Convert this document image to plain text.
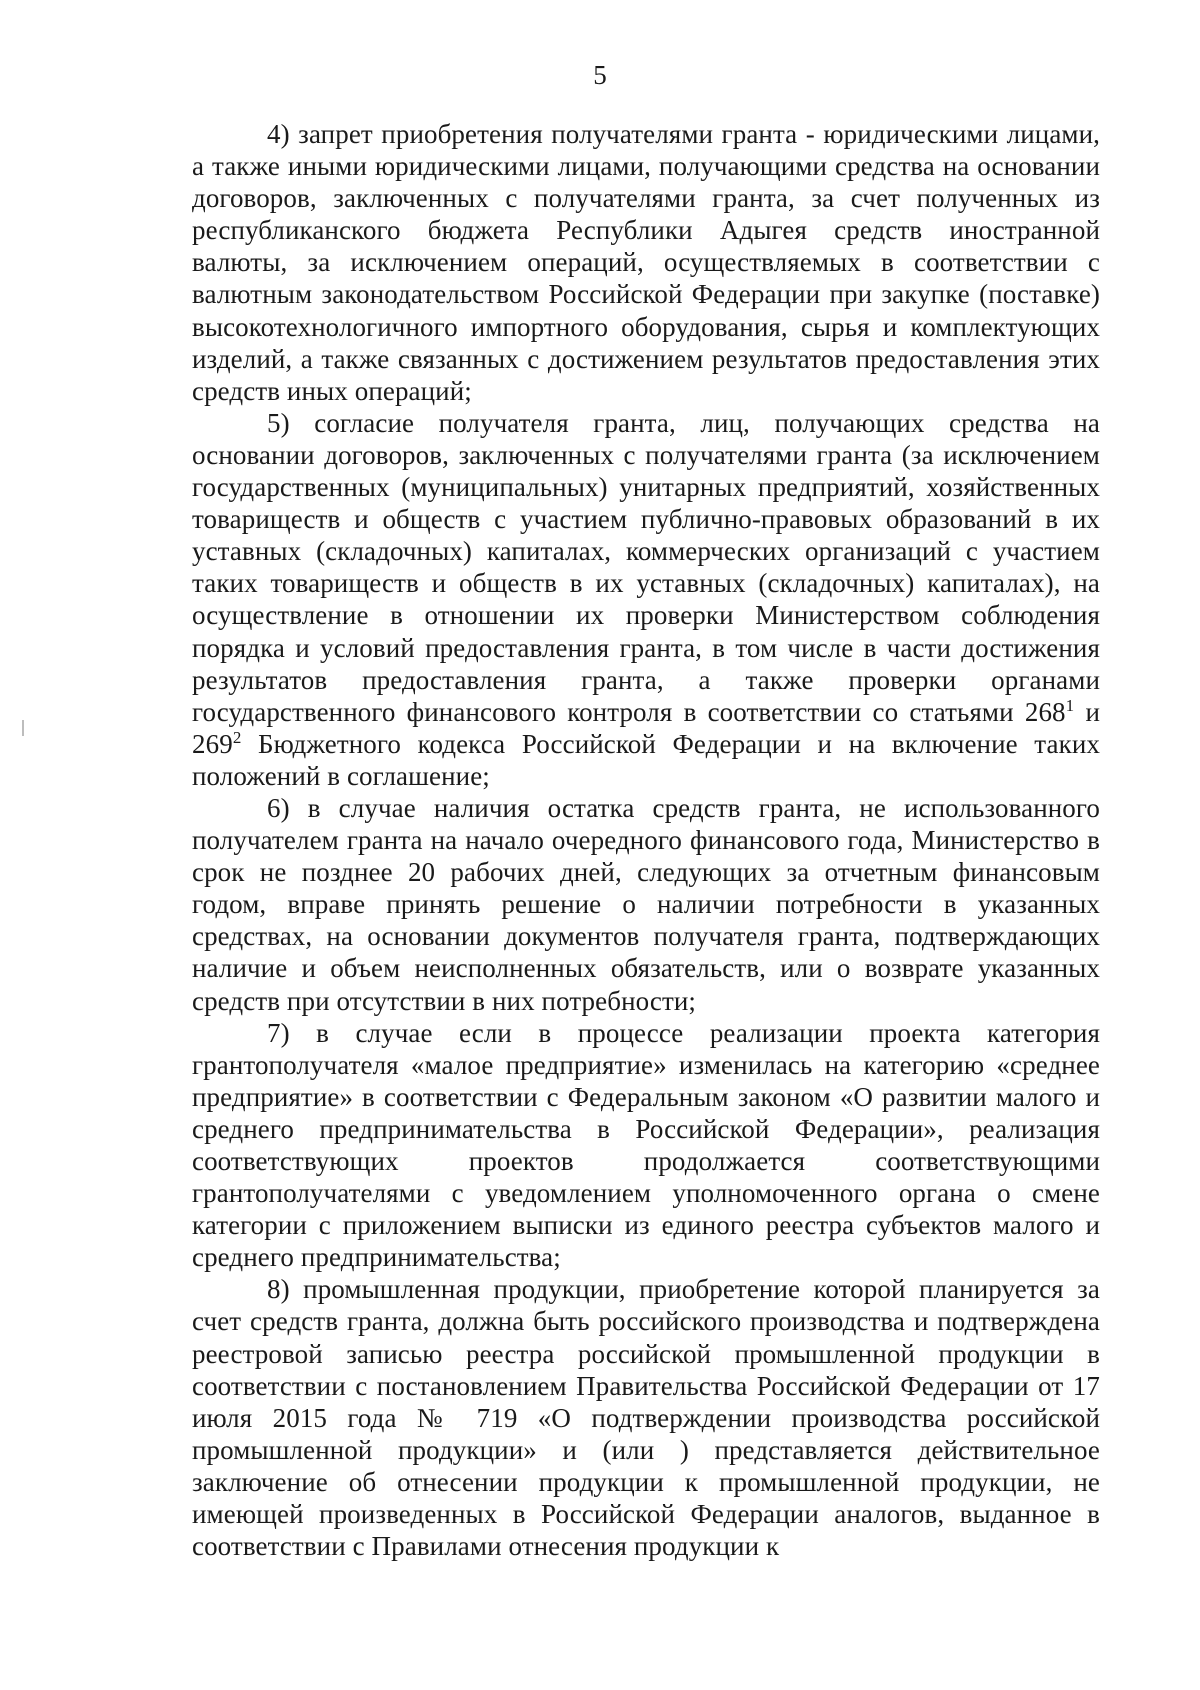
5

4) запрет приобретения получателями гранта - юридическими лицами, а также иными юридическими лицами, получающими средства на основании договоров, заключенных с получателями гранта, за счет полученных из республиканского бюджета Республики Адыгея средств иностранной валюты, за исключением операций, осуществляемых в соответствии с валютным законодательством Российской Федерации при закупке (поставке) высокотехнологичного импортного оборудования, сырья и комплектующих изделий, а также связанных с достижением результатов предоставления этих средств иных операций;

5) согласие получателя гранта, лиц, получающих средства на основании договоров, заключенных с получателями гранта (за исключением государственных (муниципальных) унитарных предприятий, хозяйственных товариществ и обществ с участием публично-правовых образований в их уставных (складочных) капиталах, коммерческих организаций с участием таких товариществ и обществ в их уставных (складочных) капиталах), на осуществление в отношении их проверки Министерством соблюдения порядка и условий предоставления гранта, в том числе в части достижения результатов предоставления гранта, а также проверки органами государственного финансового контроля в соответствии со статьями $268^1$ и $269^2$ Бюджетного кодекса Российской Федерации и на включение таких положений в соглашение;

6) в случае наличия остатка средств гранта, не использованного получателем гранта на начало очередного финансового года, Министерство в срок не позднее 20 рабочих дней, следующих за отчетным финансовым годом, вправе принять решение о наличии потребности в указанных средствах, на основании документов получателя гранта, подтверждающих наличие и объем неисполненных обязательств, или о возврате указанных средств при отсутствии в них потребности;

7) в случае если в процессе реализации проекта категория грантополучателя «малое предприятие» изменилась на категорию «среднее предприятие» в соответствии с Федеральным законом «О развитии малого и среднего предпринимательства в Российской Федерации», реализация соответствующих проектов продолжается соответствующими грантополучателями с уведомлением уполномоченного органа о смене категории с приложением выписки из единого реестра субъектов малого и среднего предпринимательства;

8) промышленная продукции, приобретение которой планируется за счет средств гранта, должна быть российского производства и подтверждена реестровой записью реестра российской промышленной продукции в соответствии с постановлением Правительства Российской Федерации от 17 июля 2015 года № 719 «О подтверждении производства российской промышленной продукции» и (или ) представляется действительное заключение об отнесении продукции к промышленной продукции, не имеющей произведенных в Российской Федерации аналогов, выданное в соответствии с Правилами отнесения продукции к
